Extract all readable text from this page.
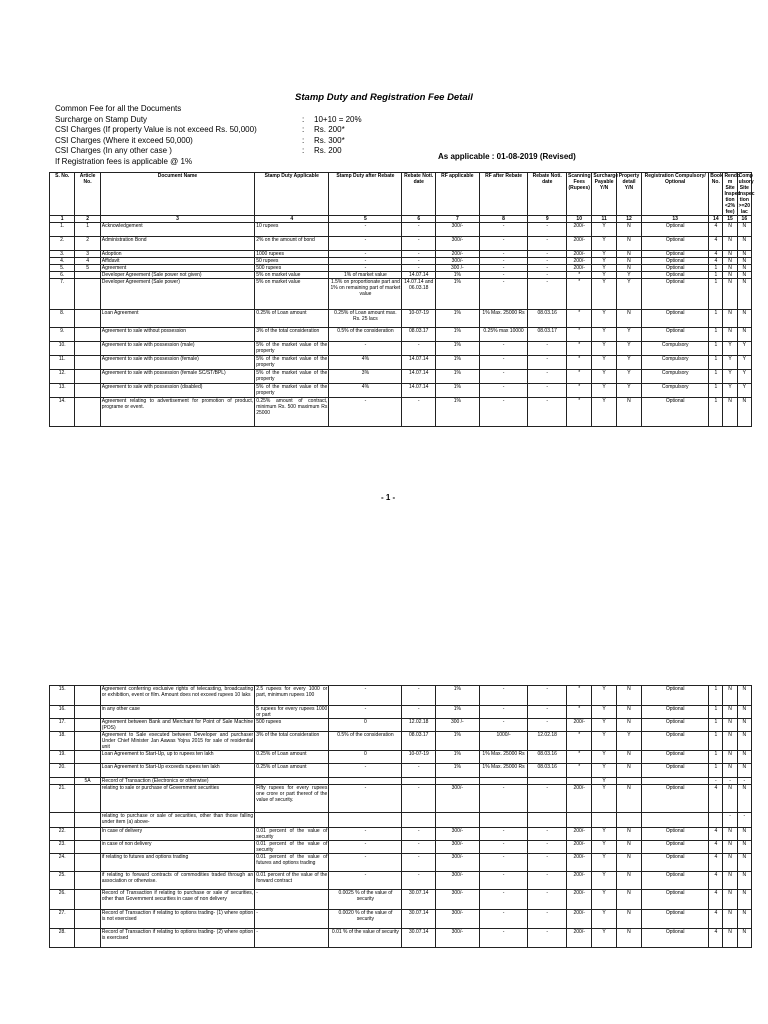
Stamp Duty and Registration Fee Detail
Common Fee for all the Documents
Surcharge on Stamp Duty	:	10+10 = 20%
CSI Charges (If property Value is not exceed Rs. 50,000)	:	Rs. 200*
CSI Charges (Where it exceed 50,000)	:	Rs. 300*
CSI Charges (In any other case )	:	Rs. 200
If Registration fees is applicable @ 1%
As applicable : 01-08-2019 (Revised)
S. No.	Article No.	Document Name	Stamp Duty Applicable	Stamp Duty after Rebate	Rebate Noti. date	RF applicable	RF after Rebate	Rebate Noti. date	Scanning Fees (Rupees)	Surcharge Payable Y/N	Property detail Y/N	Registration Compulsory/ Optional	Book No.	Rendo m Site Inspec tion <2% fee)	Comp ulsory Site Inspec tion >=20 lac
1	2	3	4	5	6	7	8	9	10	11	12	13	14	15	16
1.	1	Acknowledgement	10 rupees	-	-	300/-	-	-	200/-	Y	N	Optional	4	N	N
2.	2	Administration Bond	2% on the amount of bond	-	-	300/-	-	-	200/-	Y	N	Optional	4	N	N
3.	3	Adoption	1000 rupees	-	-	200/-	-	-	200/-	Y	N	Optional	4	N	N
4.	4	Affidavit	50 rupees	-	-	300/-	-	-	200/-	Y	N	Optional	4	N	N
5.	5	Agreement	500 rupees	-	-	300 /-	-	-	200/-	Y	N	Optional	1	N	N
6.		Developer Agreement (Sale power not given)	5% on market value	1% of market value	14.07.14	1%	-	-	*	Y	Y	Optional	1	N	N
7.		Developer Agreement (Sale power)	5% on market value	1.5% on proportionate part and 1% on remaining part of market value	14.07.14 and 06.03.18	1%	-	-	*	Y	Y	Optional	1	N	N
8.		Loan Agreement	0.25% of Loan amount	0.25% of Loan amount max. Rs. 25 lacs	10-07-19	1%	1% Max. 25000 Rs	08.03.16	*	Y	N	Optional	1	N	N
9.		Agreement to sale without possession	3% of the total consideration	0.5% of the consideration	08.03.17	1%	0.25% max 10000	08.03.17	*	Y	Y	Optional	1	N	N
10.		Agreement to sale with possession (male)	5% of the market value of the property	-	-	1%	-	-	*	Y	Y	Compulsory	1	Y	Y
11.		Agreement to sale with possession (female)	5% of the market value of the property	4%	14.07.14	1%	-	-	*	Y	Y	Compulsory	1	Y	Y
12.		Agreement to sale with possession (female SC/ST/BPL)	5% of the market value of the property	3%	14.07.14	1%	-	-	*	Y	Y	Compulsory	1	Y	Y
13.		Agreement to sale with possession (disabled)	5% of the market value of the property	4%	14.07.14	1%	-	-	*	Y	Y	Compulsory	1	Y	Y
14.		Agreement relating to advertisement for promotion of product, programe or event.	0.25% amount of contract, minimum Rs. 500 maximum Rs 25000	-	-	1%	-	-	*	Y	N	Optional	1	N	N
- 1 -
15.		Agreement conferring exclusive rights of telecasting, broadcasting or exhibition, event or film. Amount does not exceed rupees 10 laks	2.5 rupees for every 1000 or part, minimum rupees 100	-	-	1%	-	-	*	Y	N	Optional	1	N	N
16.		in any other case	5 rupees for every rupees 1000 or part	-	-	1%	-	-	*	Y	N	Optional	1	N	N
17.		Agreement between Bank and Merchant for Point of Sale Machine (POS)	500 rupees	0	12.02.18	300 /-	-	-	200/-	Y	N	Optional	1	N	N
18.		Agreement to Sale executed between Developer and purchaser Under Chief Minister Jan Aawas Yojna 2015 for sale of residential unit	3% of the total consideration	0.5% of the consideration	08.03.17	1%	1000/-	12.02.18	*	Y	Y	Optional	1	N	N
19.		Loan Agreement to Start-Up, up to rupees ten lakh	0.25% of Loan amount	0	10-07-19	1%	1% Max. 25000 Rs	08.03.16	*	Y	N	Optional	1	N	N
20.		Loan Agreement to Start-Up exceeds rupees ten lakh	0.25% of Loan amount	-	-	1%	1% Max. 25000 Rs	08.03.16	*	Y	N	Optional	1	N	N
	5A	Record of Transaction (Electronics or otherwise)								Y			-	-	-
21.		relating to sale or purchase of Government securities	Fifty rupees for every rupees one crore or part thereof of the value of security.	-	-	300/-	-	-	200/-	Y	N	Optional	4	N	N
		relating to purchase or sale of securities, other than those falling under item (a) above-												-	-
22.		In case of delivery	0.01 percent of the value of security	-	-	300/-	-	-	200/-	Y	N	Optional	4	N	N
23.		in case of non delivery	0.01 percent of the value of security	-	-	300/-	-	-	200/-	Y	N	Optional	4	N	N
24.		if relating to futures and options trading	0.01 percent of the value of futures and options trading	-	-	300/-	-	-	200/-	Y	N	Optional	4	N	N
25.		if relating to forward contracts of commodities traded through an association or otherwise.	0.01 percent of the value of the forward contract	-	-	300/-	-	-	200/-	Y	N	Optional	4	N	N
26.		Record of Transaction if relating to purchase or sale of securities, other than Government securities in case of non delivery	-	0.0025 % of the value of security	30.07.14	300/-	-	-	200/-	Y	N	Optional	4	N	N
27.		Record of Transaction if relating to options trading- (1) where option is not exercised	-	0.0020 % of the value of security	30.07.14	300/-	-	-	200/-	Y	N	Optional	4	N	N
28.		Record of Transaction if relating to options trading- (2) where option is exercised	-	0.01 % of the value of security	30.07.14	300/-	-	-	200/-	Y	N	Optional	4	N	N
